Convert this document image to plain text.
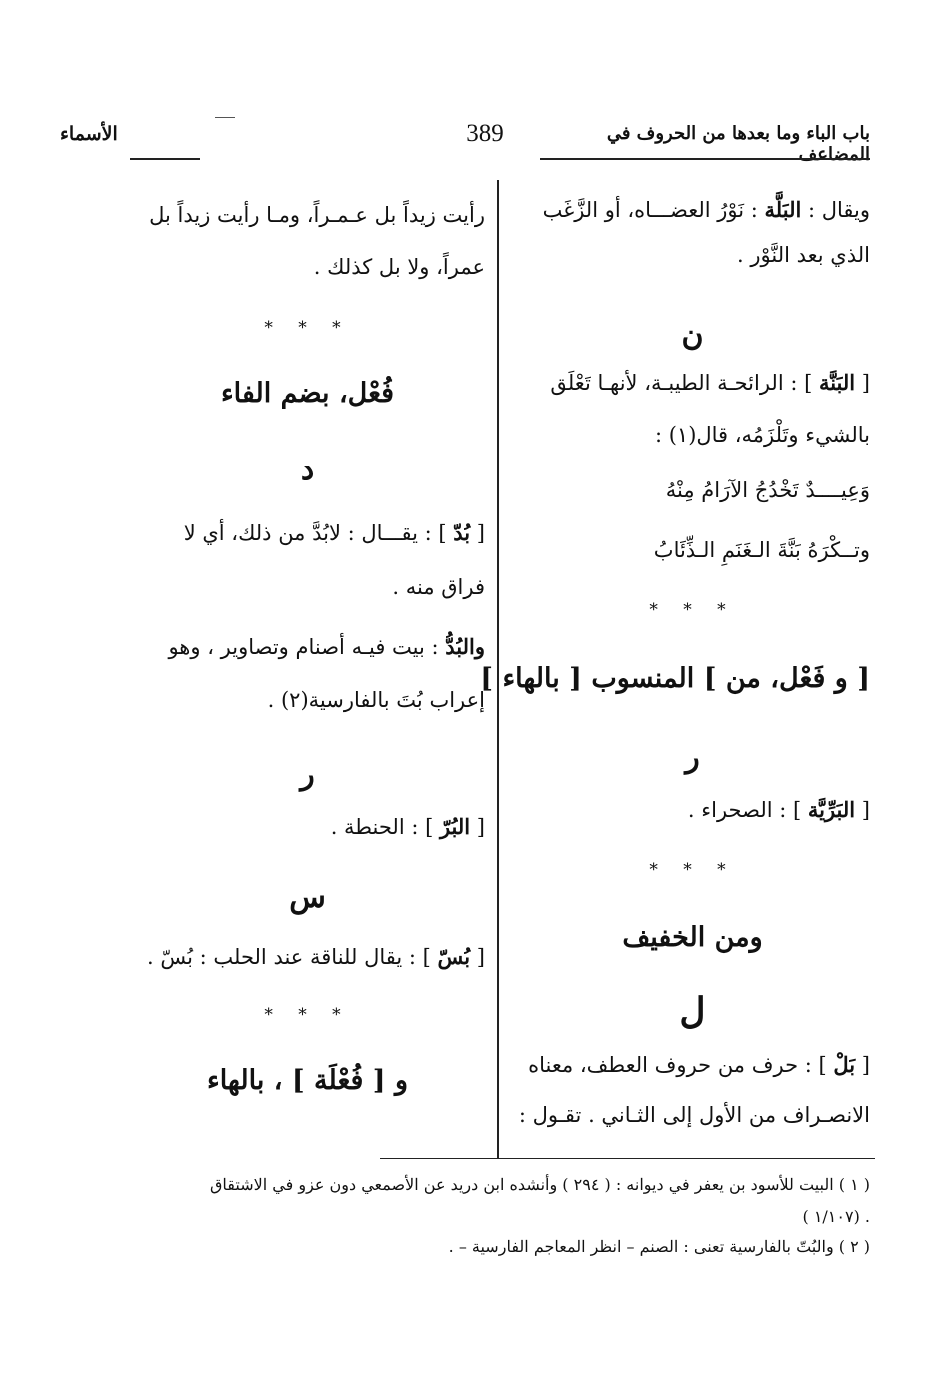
باب الباء وما بعدها من الحروف في المضاعف
389
الأسماء
ويقال : البَلَّة : نَوْرُ العضـــاه، أو الزَّغَب
الذي بعد النَّوْر .
ن
[ البَنَّة ] : الرائحـة الطيبـة، لأنهـا تَعْلَق
بالشيء وتَلْزَمُه، قال(١) :
وَعِيــــدٌ تَخْدُجُ الآرَامُ مِنْهُ
وتــكْرَهُ بَنَّةَ الـغَنَمِ الـذِّئَابُ
* * *
[ و فَعْل، من ] المنسوب [ بالهاء ]
ر
[ البَرِّيَّة ] : الصحراء .
* * *
ومن الخفيف
ل
[ بَلْ ] : حرف من حروف العطف، معناه
الانصـراف من الأول إلى الثـاني . تقـول :
رأيت زيداً بل عـمـراً، ومـا رأيت زيداً بل
عمراً، ولا بل كذلك .
* * *
فُعْل، بضم الفاء
د
[ بُدّ ] : يقـــال : لابُدَّ من ذلك، أي لا
فراق منه .
والبُدُّ : بيت فيـه أصنام وتصاوير ، وهو
إعراب بُتَ بالفارسية(٢) .
ر
[ البُرّ ] : الحنطة .
س
[ بُسّ ] : يقال للناقة عند الحلب : بُسّ .
* * *
و [ فُعْلَة ] ، بالهاء
( ١ ) البيت للأسود بن يعفر في ديوانه : ( ٢٩٤ ) وأنشده ابن دريد عن الأصمعي دون عزو في الاشتقاق
( ١/١٠٧) .
( ٢ ) والبُتّ بالفارسية تعنى : الصنم – انظر المعاجم الفارسية – .
